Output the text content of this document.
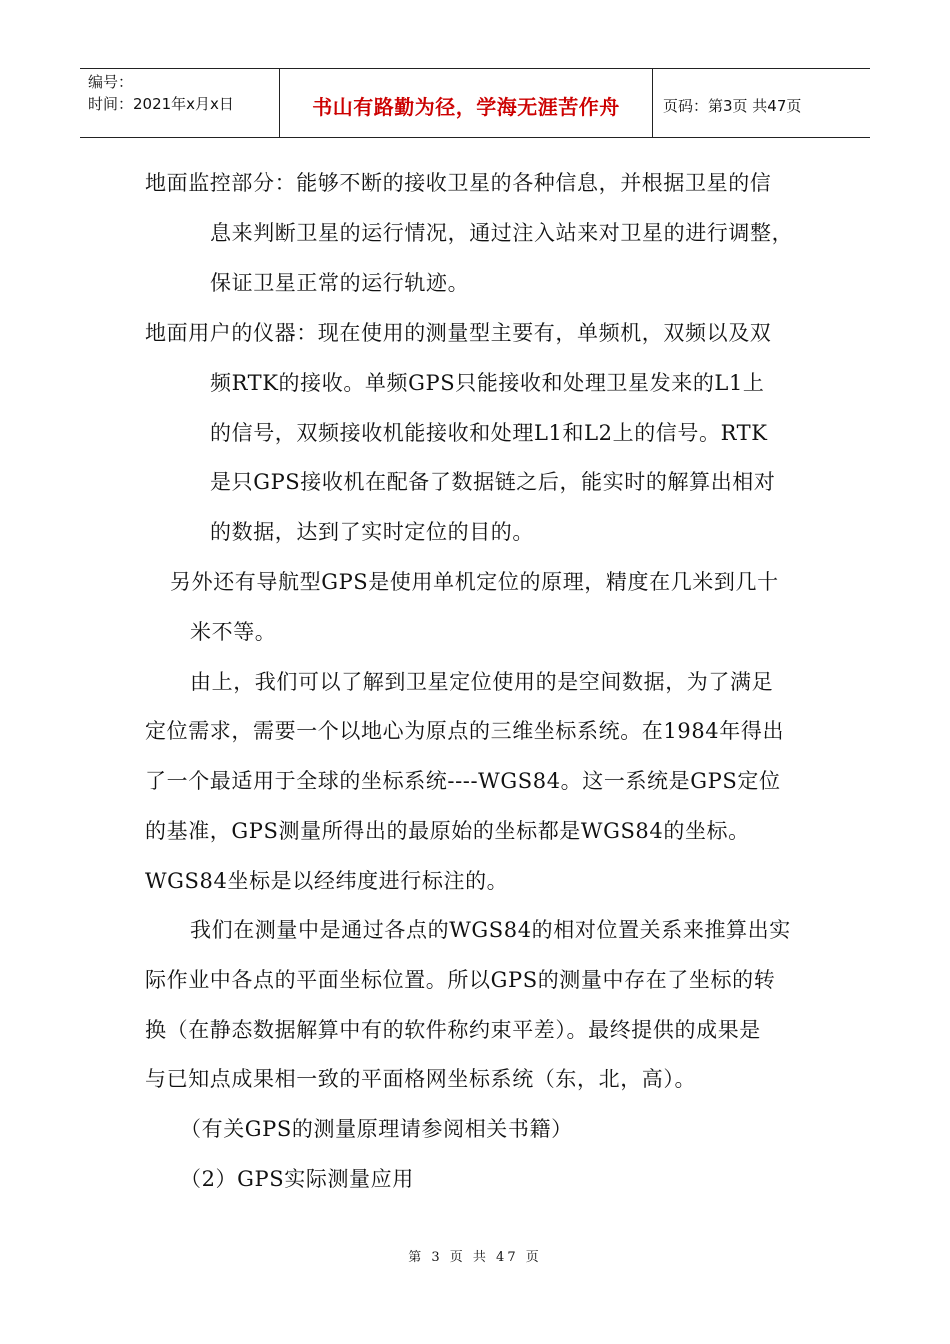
编号：
时间：2021年x月x日	书山有路勤为径，学海无涯苦作舟	页码：第3页 共47页
地面监控部分：能够不断的接收卫星的各种信息，并根据卫星的信
息来判断卫星的运行情况，通过注入站来对卫星的进行调整，
保证卫星正常的运行轨迹。
地面用户的仪器：现在使用的测量型主要有，单频机，双频以及双
频RTK的接收。单频GPS只能接收和处理卫星发来的L1上
的信号，双频接收机能接收和处理L1和L2上的信号。RTK
是只GPS接收机在配备了数据链之后，能实时的解算出相对
的数据，达到了实时定位的目的。
另外还有导航型GPS是使用单机定位的原理，精度在几米到几十
米不等。
由上，我们可以了解到卫星定位使用的是空间数据，为了满足
定位需求，需要一个以地心为原点的三维坐标系统。在1984年得出
了一个最适用于全球的坐标系统----WGS84。这一系统是GPS定位
的基准，GPS测量所得出的最原始的坐标都是WGS84的坐标。
WGS84坐标是以经纬度进行标注的。
我们在测量中是通过各点的WGS84的相对位置关系来推算出实
际作业中各点的平面坐标位置。所以GPS的测量中存在了坐标的转
换（在静态数据解算中有的软件称约束平差）。最终提供的成果是
与已知点成果相一致的平面格网坐标系统（东，北，高）。
（有关GPS的测量原理请参阅相关书籍）
（2）GPS实际测量应用
第 3 页 共 47 页
